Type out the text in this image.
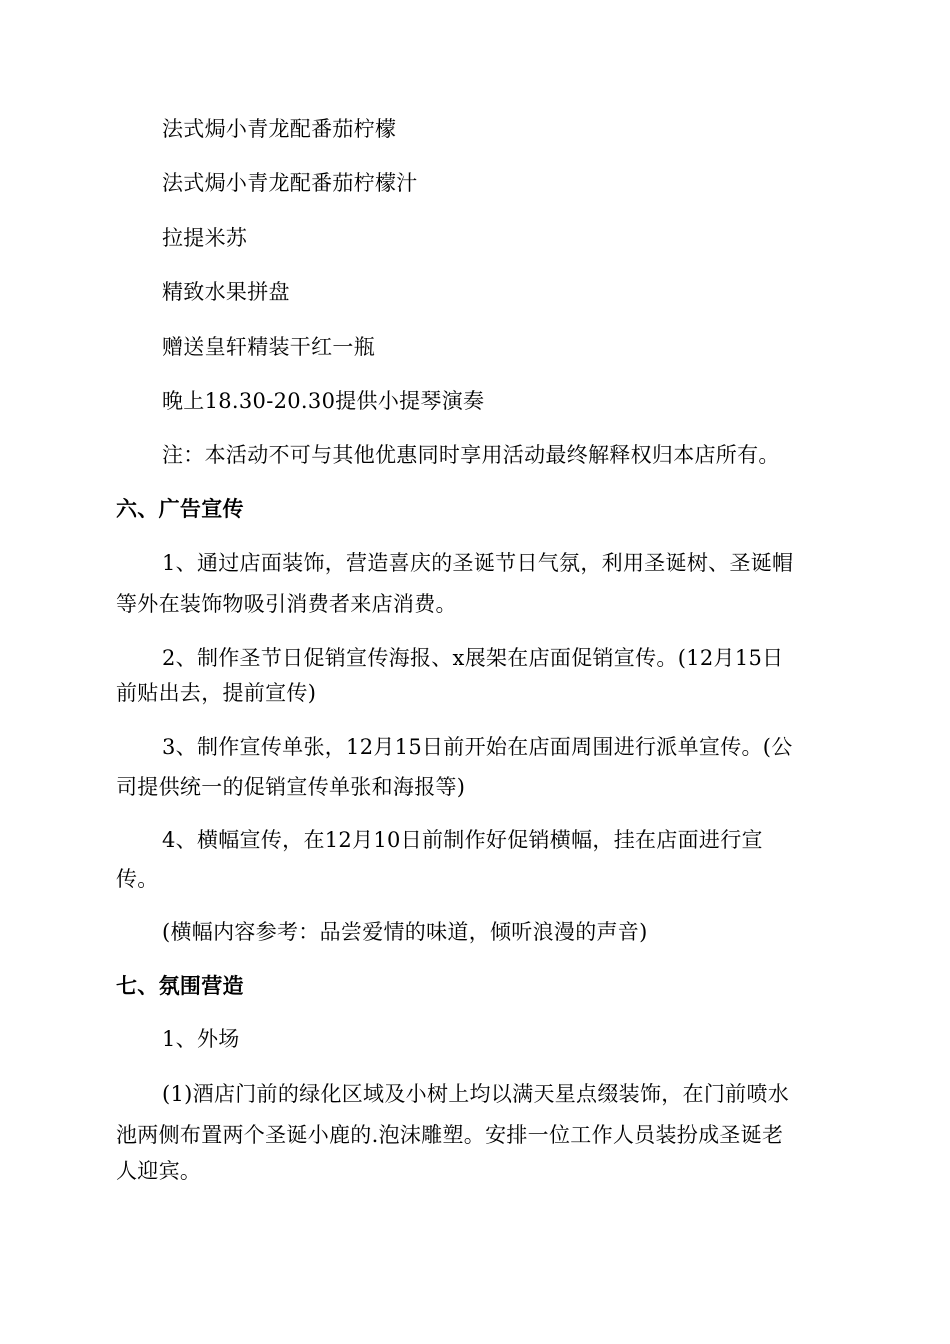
法式焗小青龙配番茄柠檬
法式焗小青龙配番茄柠檬汁
拉提米苏
精致水果拼盘
赠送皇轩精装干红一瓶
晚上18.30-20.30提供小提琴演奏
注：本活动不可与其他优惠同时享用活动最终解释权归本店所有。
六、广告宣传
1、通过店面装饰，营造喜庆的圣诞节日气氛，利用圣诞树、圣诞帽
等外在装饰物吸引消费者来店消费。
2、制作圣节日促销宣传海报、x展架在店面促销宣传。(12月15日
前贴出去，提前宣传)
3、制作宣传单张，12月15日前开始在店面周围进行派单宣传。(公
司提供统一的促销宣传单张和海报等)
4、横幅宣传，在12月10日前制作好促销横幅，挂在店面进行宣
传。
(横幅内容参考：品尝爱情的味道，倾听浪漫的声音)
七、氛围营造
1、外场
(1)酒店门前的绿化区域及小树上均以满天星点缀装饰，在门前喷水
池两侧布置两个圣诞小鹿的.泡沫雕塑。安排一位工作人员装扮成圣诞老
人迎宾。
